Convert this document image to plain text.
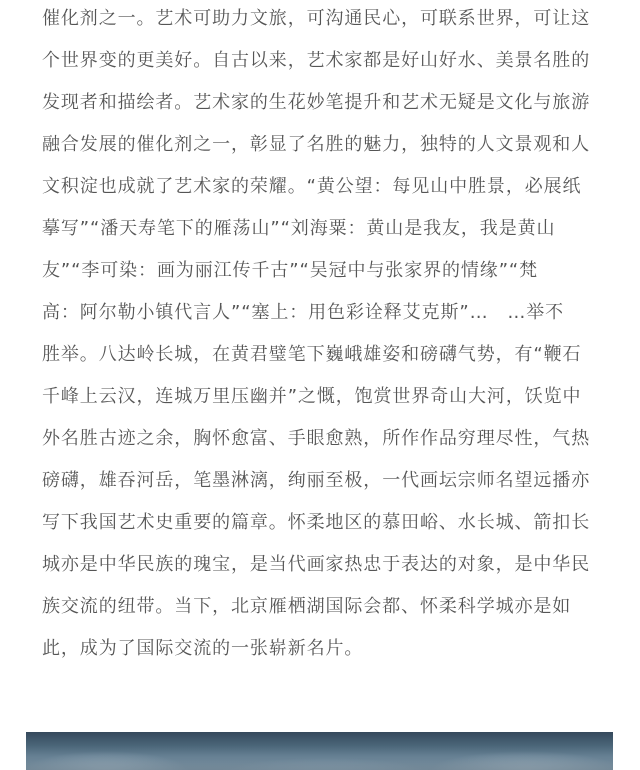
催化剂之一。艺术可助力文旅，可沟通民心，可联系世界，可让这
个世界变的更美好。自古以来，艺术家都是好山好水、美景名胜的
发现者和描绘者。艺术家的生花妙笔提升和艺术无疑是文化与旅游
融合发展的催化剂之一，彰显了名胜的魅力，独特的人文景观和人
文积淀也成就了艺术家的荣耀。“黄公望：每见山中胜景，必展纸
摹写”“潘天寿笔下的雁荡山”“刘海粟：黄山是我友，我是黄山
友”“李可染：画为丽江传千古”“吴冠中与张家界的情缘”“梵
高：阿尔勒小镇代言人”“塞上：用色彩诠释艾克斯”…　…举不
胜举。八达岭长城，在黄君璧笔下巍峨雄姿和磅礴气势，有“鞭石
千峰上云汉，连城万里压幽并”之慨，饱赏世界奇山大河，饫览中
外名胜古迹之余，胸怀愈富、手眼愈熟，所作作品穷理尽性，气热
磅礴，雄吞河岳，笔墨淋漓，绚丽至极，一代画坛宗师名望远播亦
写下我国艺术史重要的篇章。怀柔地区的慕田峪、水长城、箭扣长
城亦是中华民族的瑰宝，是当代画家热忠于表达的对象，是中华民
族交流的纽带。当下，北京雁栖湖国际会都、怀柔科学城亦是如
此，成为了国际交流的一张崭新名片。
